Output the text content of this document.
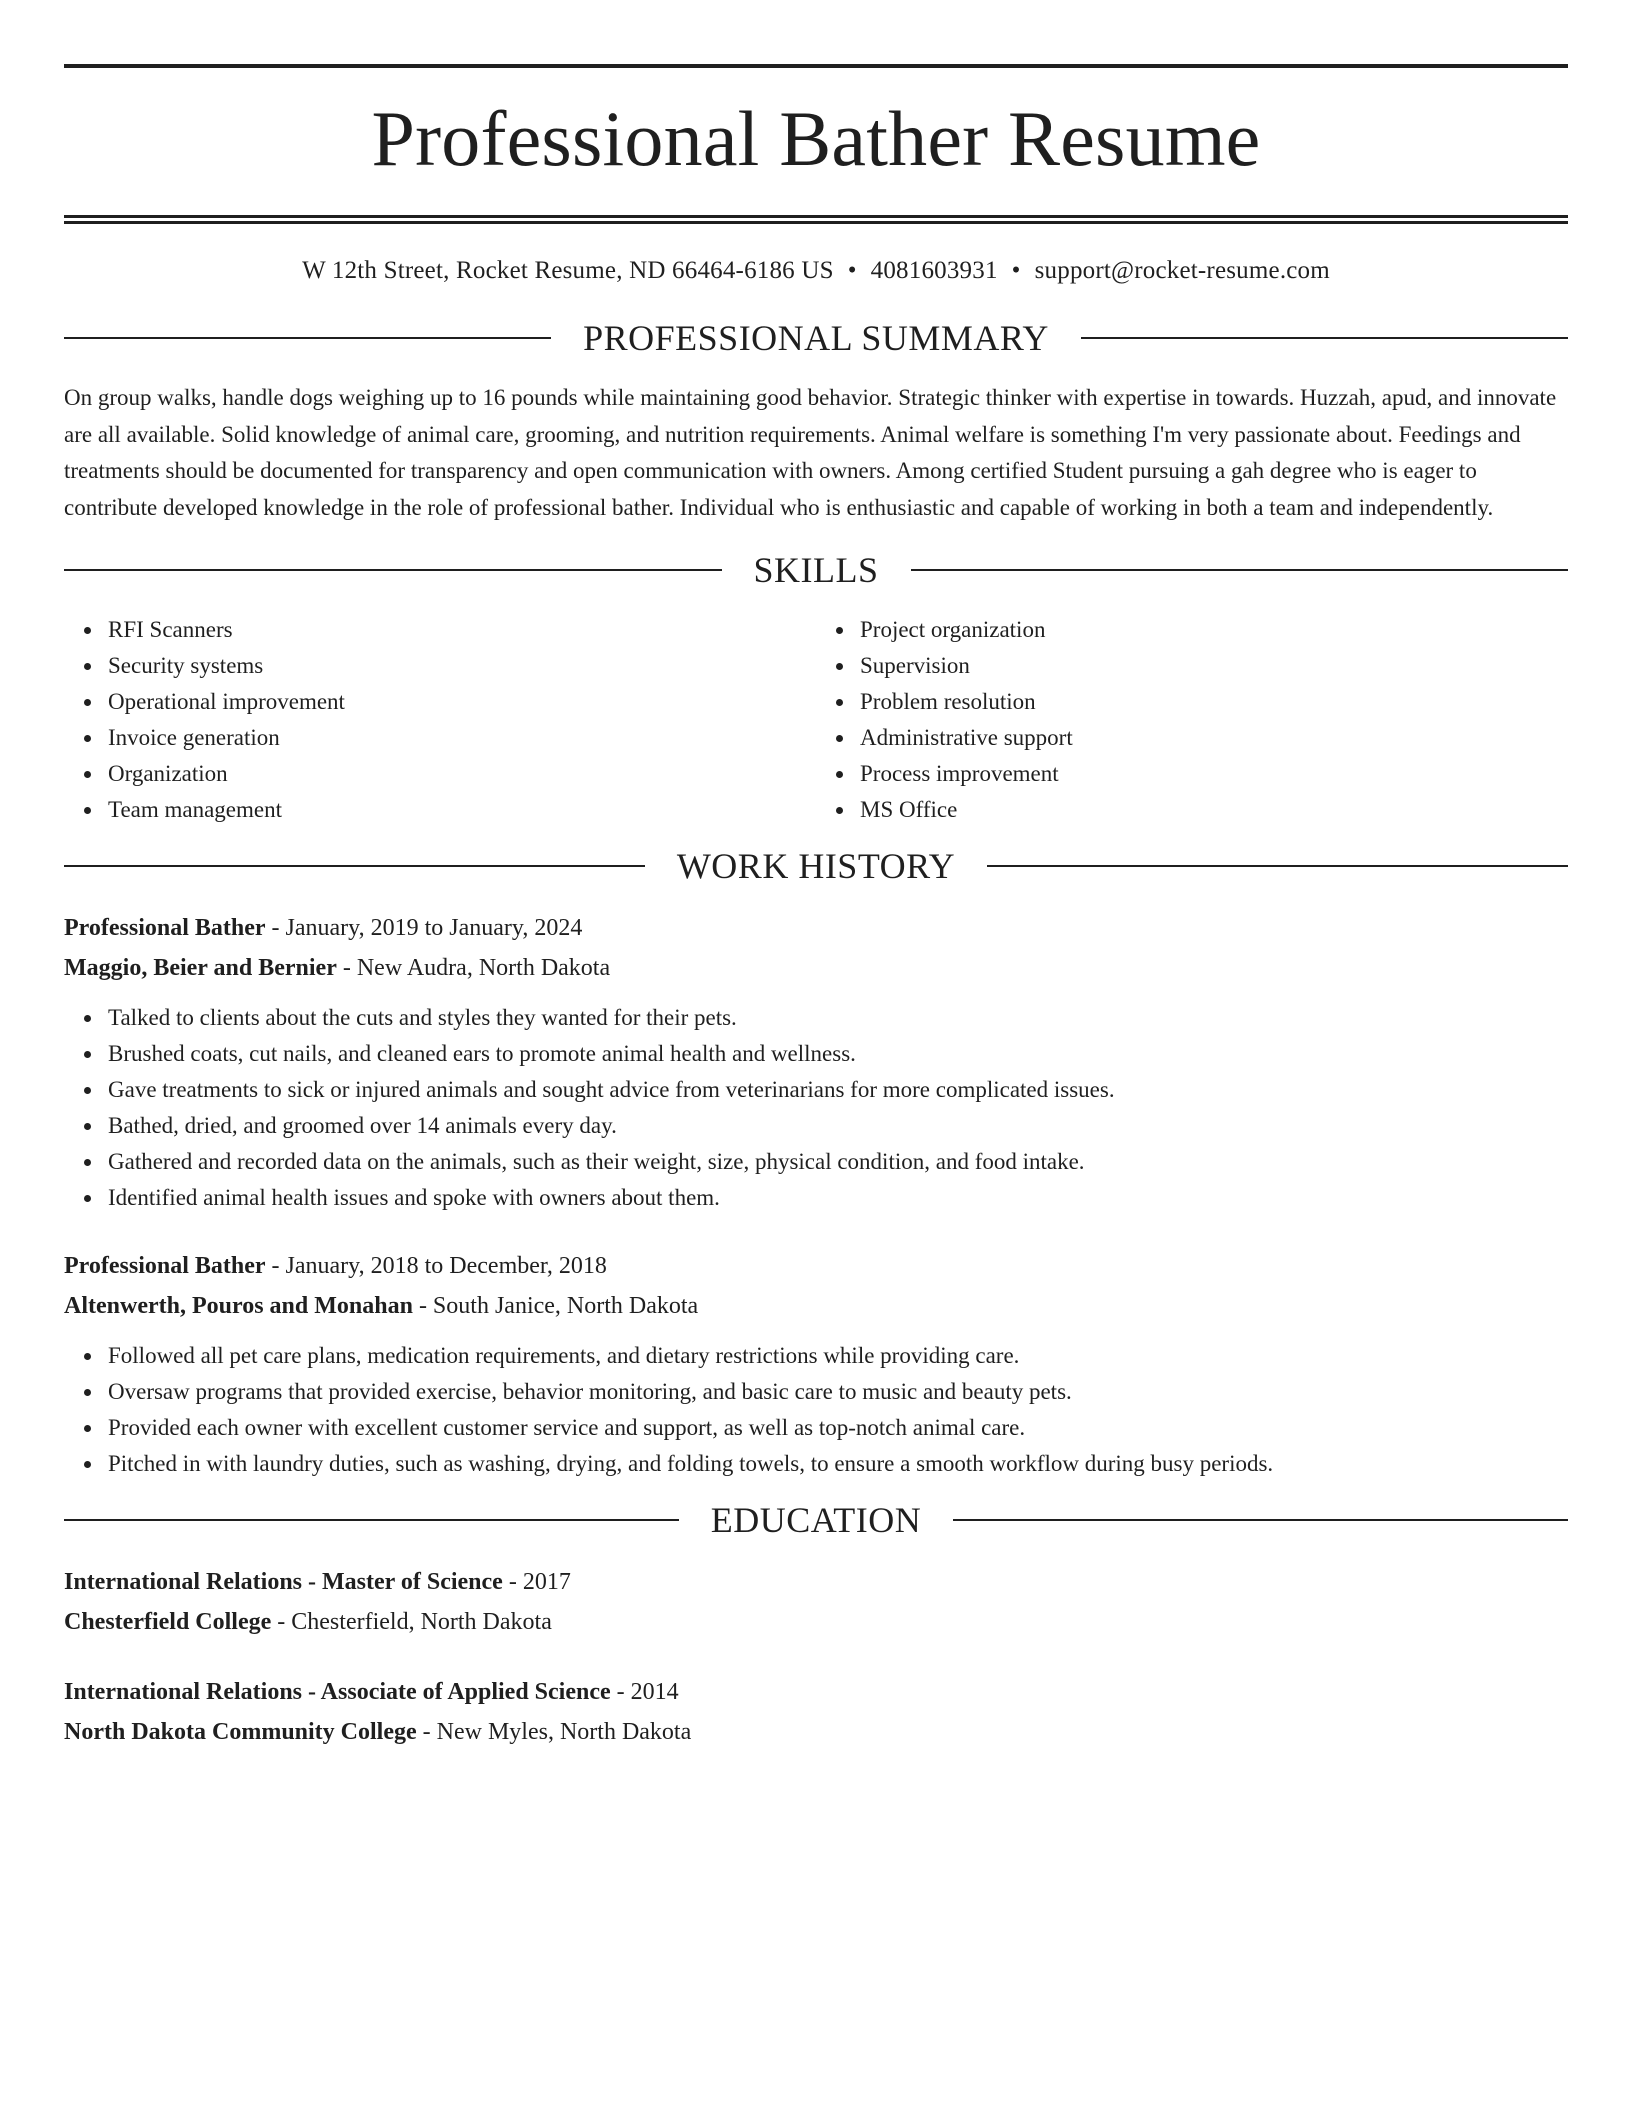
Professional Bather Resume
W 12th Street, Rocket Resume, ND 66464-6186 US • 4081603931 • support@rocket-resume.com
PROFESSIONAL SUMMARY
On group walks, handle dogs weighing up to 16 pounds while maintaining good behavior. Strategic thinker with expertise in towards. Huzzah, apud, and innovate are all available. Solid knowledge of animal care, grooming, and nutrition requirements. Animal welfare is something I'm very passionate about. Feedings and treatments should be documented for transparency and open communication with owners. Among certified Student pursuing a gah degree who is eager to contribute developed knowledge in the role of professional bather. Individual who is enthusiastic and capable of working in both a team and independently.
SKILLS
RFI Scanners
Security systems
Operational improvement
Invoice generation
Organization
Team management
Project organization
Supervision
Problem resolution
Administrative support
Process improvement
MS Office
WORK HISTORY
Professional Bather - January, 2019 to January, 2024
Maggio, Beier and Bernier - New Audra, North Dakota
Talked to clients about the cuts and styles they wanted for their pets.
Brushed coats, cut nails, and cleaned ears to promote animal health and wellness.
Gave treatments to sick or injured animals and sought advice from veterinarians for more complicated issues.
Bathed, dried, and groomed over 14 animals every day.
Gathered and recorded data on the animals, such as their weight, size, physical condition, and food intake.
Identified animal health issues and spoke with owners about them.
Professional Bather - January, 2018 to December, 2018
Altenwerth, Pouros and Monahan - South Janice, North Dakota
Followed all pet care plans, medication requirements, and dietary restrictions while providing care.
Oversaw programs that provided exercise, behavior monitoring, and basic care to music and beauty pets.
Provided each owner with excellent customer service and support, as well as top-notch animal care.
Pitched in with laundry duties, such as washing, drying, and folding towels, to ensure a smooth workflow during busy periods.
EDUCATION
International Relations - Master of Science - 2017
Chesterfield College - Chesterfield, North Dakota
International Relations - Associate of Applied Science - 2014
North Dakota Community College - New Myles, North Dakota
